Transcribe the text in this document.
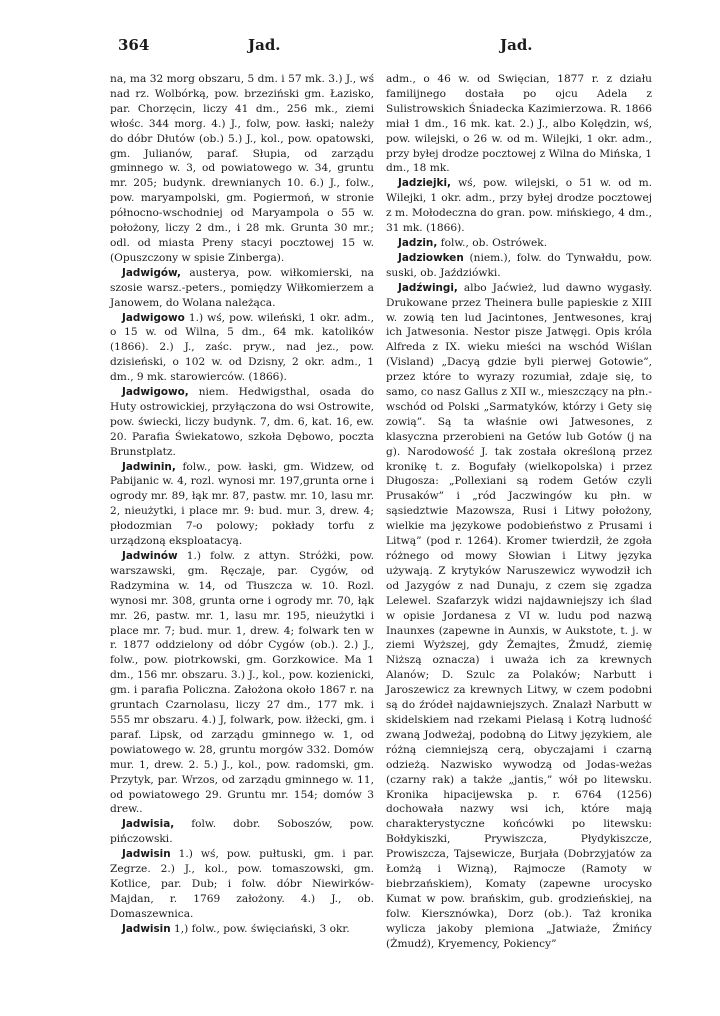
364	Jad.	Jad.

na, ma 32 morg obszaru, 5 dm. i 57 mk. 3.) J., wś nad rz. Wolbórką, pow. brzeziński gm. Łazisko, par. Chorzęcin, liczy 41 dm., 256 mk., ziemi włośc. 344 morg. 4.) J., folw, pow. łaski; należy do dóbr Dłutów (ob.) 5.) J., kol., pow. opatowski, gm. Julianów, paraf. Słupia, od zarządu gminnego w. 3, od powiatowego w. 34, gruntu mr. 205; budynk. drewnianych 10. 6.) J., folw., pow. maryampolski, gm. Pogiermoń, w stronie północno-wschodniej od Maryampola o 55 w. położony, liczy 2 dm., i 28 mk. Grunta 30 mr.; odl. od miasta Preny stacyi pocztowej 15 w. (Opuszczony w spisie Zinberga).

Jadwigów, austerya, pow. wiłkomierski, na szosie warsz.-peters., pomiędzy Wiłkomierzem a Janowem, do Wolana należąca.

Jadwigowo 1.) wś, pow. wileński, 1 okr. adm., o 15 w. od Wilna, 5 dm., 64 mk. katolików (1866). 2.) J., zaśc. pryw., nad jez., pow. dzisieński, o 102 w. od Dzisny, 2 okr. adm., 1 dm., 9 mk. starowierców. (1866).

Jadwigowo, niem. Hedwigsthal, osada do Huty ostrowickiej, przyłączona do wsi Ostrowite, pow. świecki, liczy budynk. 7, dm. 6, kat. 16, ew. 20. Parafia Świekatowo, szkoła Dębowo, poczta Brunstplatz.

Jadwinin, folw., pow. łaski, gm. Widzew, od Pabijanic w. 4, rozl. wynosi mr. 197,grunta orne i ogrody mr. 89, łąk mr. 87, pastw. mr. 10, lasu mr. 2, nieużytki, i place mr. 9: bud. mur. 3, drew. 4; płodozmian 7-o polowy; pokłady torfu z urządzoną eksploatacyą.

Jadwinów 1.) folw. z attyn. Stróżki, pow. warszawski, gm. Ręczaje, par. Cygów, od Radzymina w. 14, od Tłuszcza w. 10. Rozl. wynosi mr. 308, grunta orne i ogrody mr. 70, łąk mr. 26, pastw. mr. 1, lasu mr. 195, nieużytki i place mr. 7; bud. mur. 1, drew. 4; folwark ten w r. 1877 oddzielony od dóbr Cygów (ob.). 2.) J., folw., pow. piotrkowski, gm. Gorzkowice. Ma 1 dm., 156 mr. obszaru. 3.) J., kol., pow. kozienicki, gm. i parafia Policzna. Założona około 1867 r. na gruntach Czarnolasu, liczy 27 dm., 177 mk. i 555 mr obszaru. 4.) J, folwark, pow. iłżecki, gm. i paraf. Lipsk, od zarządu gminnego w. 1, od powiatowego w. 28, gruntu morgów 332. Domów mur. 1, drew. 2. 5.) J., kol., pow. radomski, gm. Przytyk, par. Wrzos, od zarządu gminnego w. 11, od powiatowego 29. Gruntu mr. 154; domów 3 drew..

Jadwisia, folw. dobr. Soboszów, pow. pińczowski.

Jadwisin 1.) wś, pow. pułtuski, gm. i par. Zegrze. 2.) J., kol., pow. tomaszowski, gm. Kotlice, par. Dub; i folw. dóbr Niewirków-Majdan, r. 1769 założony. 4.) J., ob. Domaszewnica.

Jadwisin 1,) folw., pow. święciański, 3 okr.

adm., o 46 w. od Swięcian, 1877 r. z działu familijnego dostała po ojcu Adela z Sulistrowskich Śniadecka Kazimierzowa. R. 1866 miał 1 dm., 16 mk. kat. 2.) J., albo Kolędzin, wś, pow. wilejski, o 26 w. od m. Wilejki, 1 okr. adm., przy byłej drodze pocztowej z Wilna do Mińska, 1 dm., 18 mk.

Jadziejki, wś, pow. wilejski, o 51 w. od m. Wilejki, 1 okr. adm., przy byłej drodze pocztowej z m. Mołodeczna do gran. pow. mińskiego, 4 dm., 31 mk. (1866).

Jadzin, folw., ob. Ostrówek.

Jadziowken (niem.), folw. do Tynwałdu, pow. suski, ob. Jaździówki.

Jadźwingi, albo Jaćwież, lud dawno wygasły. Drukowane przez Theinera bulle papieskie z XIII w. zowią ten lud Jacintones, Jentwesones, kraj ich Jatwesonia. Nestor pisze Jatwęgi. Opis króla Alfreda z IX. wieku mieści na wschód Wiślan (Visland) „Dacyą gdzie byli pierwej Gotowie”, przez które to wyrazy rozumiał, zdaje się, to samo, co nasz Gallus z XII w., mieszczący na płn.-wschód od Polski „Sarmatyków, którzy i Gety się zowią”. Są ta właśnie owi Jatwesones, z klasyczna przerobieni na Getów lub Gotów (j na g). Narodowość J. tak została określoną przez kronikę t. z. Bogufały (wielkopolska) i przez Długosza: „Pollexiani są rodem Getów czyli Prusaków” i „ród Jaczwingów ku płn. w sąsiedztwie Mazowsza, Rusi i Litwy położony, wielkie ma językowe podobieństwo z Prusami i Litwą” (pod r. 1264). Kromer twierdził, że zgoła różnego od mowy Słowian i Litwy języka używają. Z krytyków Naruszewicz wywodził ich od Jazygów z nad Dunaju, z czem się zgadza Lelewel. Szafarzyk widzi najdawniejszy ich ślad w opisie Jordanesa z VI w. ludu pod nazwą Inaunxes (zapewne in Aunxis, w Aukstote, t. j. w ziemi Wyższej, gdy Żemajtes, Żmudź, ziemię Niższą oznacza) i uważa ich za krewnych Alanów; D. Szulc za Polaków; Narbutt i Jaroszewicz za krewnych Litwy, w czem podobni są do źródeł najdawniejszych. Znalazł Narbutt w skidelskiem nad rzekami Pielasą i Kotrą ludność zwaną Jodweżaj, podobną do Litwy językiem, ale różną ciemniejszą cerą, obyczajami i czarną odzieżą. Nazwisko wywodzą od Jodas-weżas (czarny rak) a także „jantis,” wół po litewsku. Kronika hipacijewska p. r. 6764 (1256) dochowała nazwy wsi ich, które mają charakterystyczne końcówki po litewsku: Bołdykiszki, Prywiszcza, Płydykiszcze, Prowiszcza, Tajsewicze, Burjała (Dobrzyjatów za Łomżą i Wizną), Rajmocze (Ramoty w biebrzańskiem), Komaty (zapewne urocysko Kumat w pow. brańskim, gub. grodzieńskiej, na folw. Kiersznówka), Dorz (ob.). Taż kronika wylicza jakoby plemiona „Jatwiaże, Źmińcy (Żmudź), Kryemency, Pokiency”
